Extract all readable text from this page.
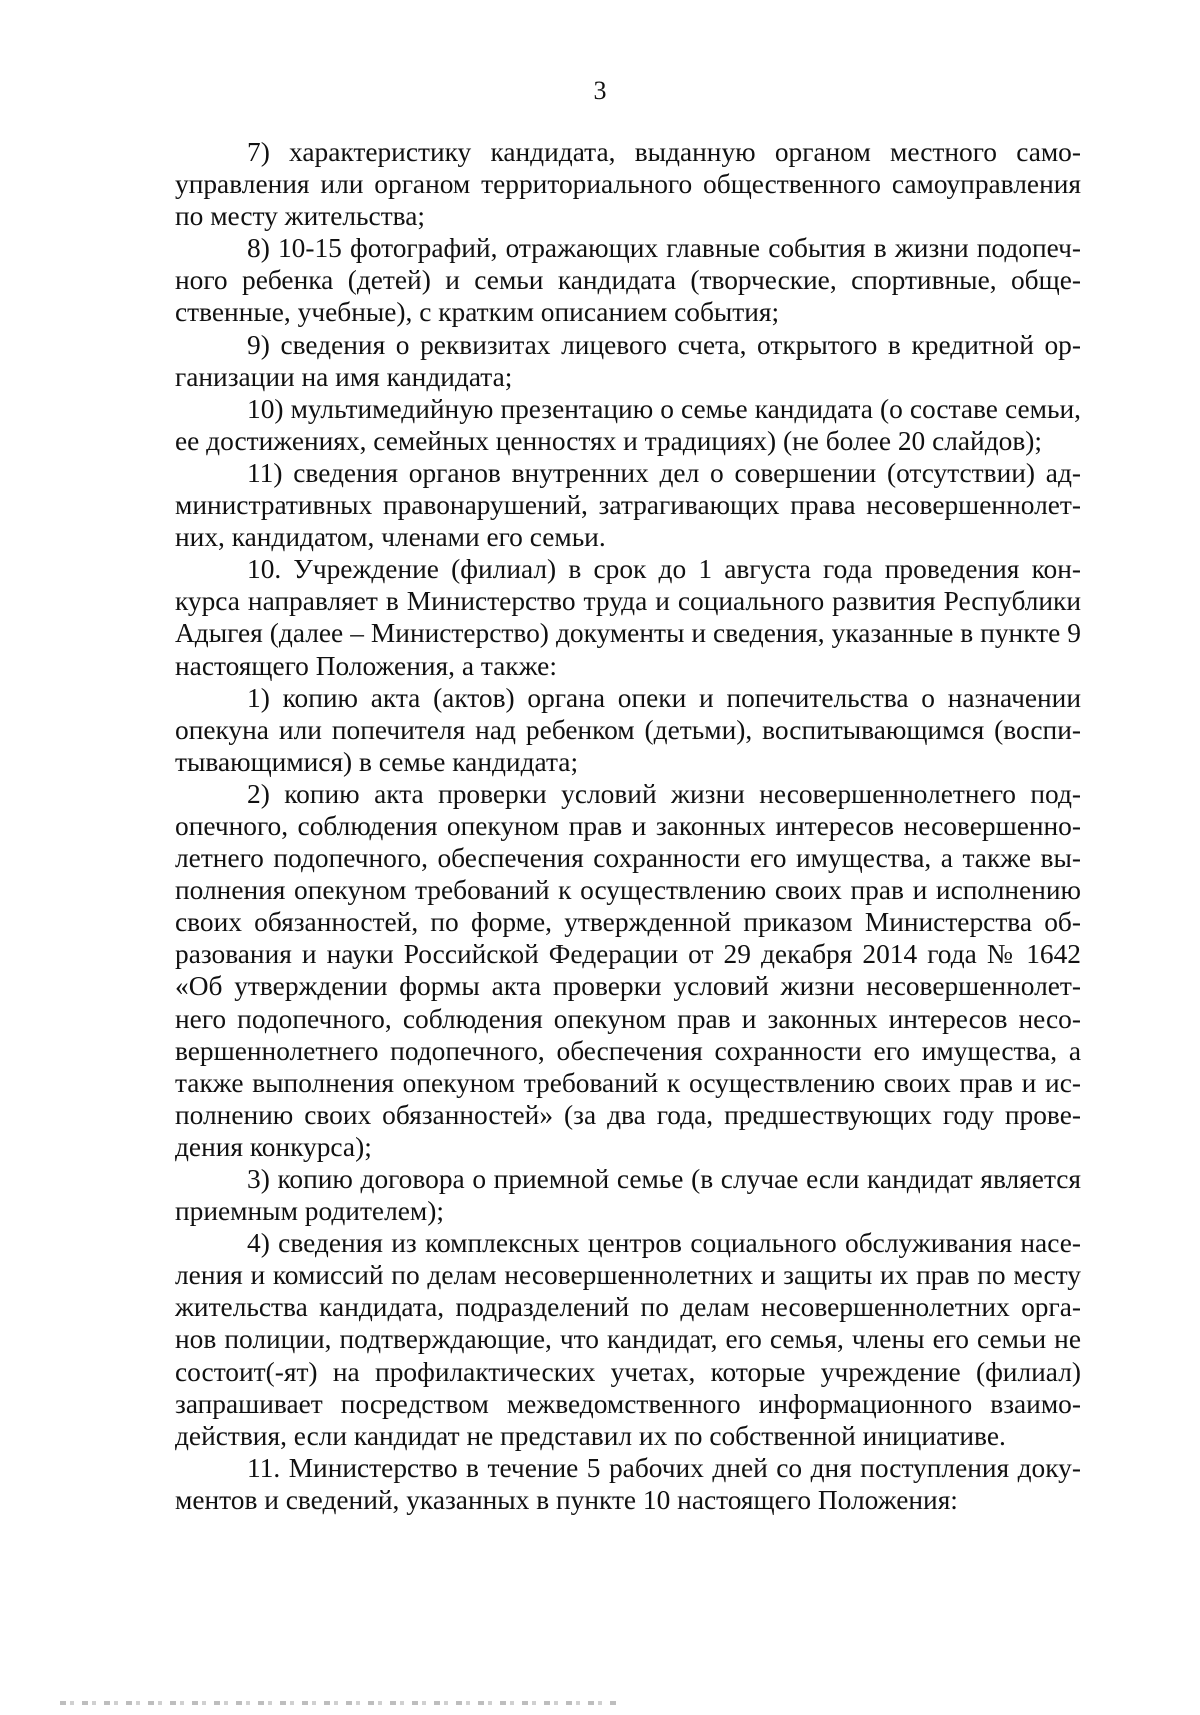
3

7) характеристику кандидата, выданную органом местного самоуправления или органом территориального общественного самоуправления по месту жительства;

8) 10-15 фотографий, отражающих главные события в жизни подопечного ребенка (детей) и семьи кандидата (творческие, спортивные, общественные, учебные), с кратким описанием события;

9) сведения о реквизитах лицевого счета, открытого в кредитной организации на имя кандидата;

10) мультимедийную презентацию о семье кандидата (о составе семьи, ее достижениях, семейных ценностях и традициях) (не более 20 слайдов);

11) сведения органов внутренних дел о совершении (отсутствии) административных правонарушений, затрагивающих права несовершеннолетних, кандидатом, членами его семьи.

10. Учреждение (филиал) в срок до 1 августа года проведения конкурса направляет в Министерство труда и социального развития Республики Адыгея (далее – Министерство) документы и сведения, указанные в пункте 9 настоящего Положения, а также:

1) копию акта (актов) органа опеки и попечительства о назначении опекуна или попечителя над ребенком (детьми), воспитывающимся (воспитывающимися) в семье кандидата;

2) копию акта проверки условий жизни несовершеннолетнего подопечного, соблюдения опекуном прав и законных интересов несовершеннолетнего подопечного, обеспечения сохранности его имущества, а также выполнения опекуном требований к осуществлению своих прав и исполнению своих обязанностей, по форме, утвержденной приказом Министерства образования и науки Российской Федерации от 29 декабря 2014 года № 1642 «Об утверждении формы акта проверки условий жизни несовершеннолетнего подопечного, соблюдения опекуном прав и законных интересов несовершеннолетнего подопечного, обеспечения сохранности его имущества, а также выполнения опекуном требований к осуществлению своих прав и исполнению своих обязанностей» (за два года, предшествующих году проведения конкурса);

3) копию договора о приемной семье (в случае если кандидат является приемным родителем);

4) сведения из комплексных центров социального обслуживания населения и комиссий по делам несовершеннолетних и защиты их прав по месту жительства кандидата, подразделений по делам несовершеннолетних органов полиции, подтверждающие, что кандидат, его семья, члены его семьи не состоит(-ят) на профилактических учетах, которые учреждение (филиал) запрашивает посредством межведомственного информационного взаимодействия, если кандидат не представил их по собственной инициативе.

11. Министерство в течение 5 рабочих дней со дня поступления документов и сведений, указанных в пункте 10 настоящего Положения:
